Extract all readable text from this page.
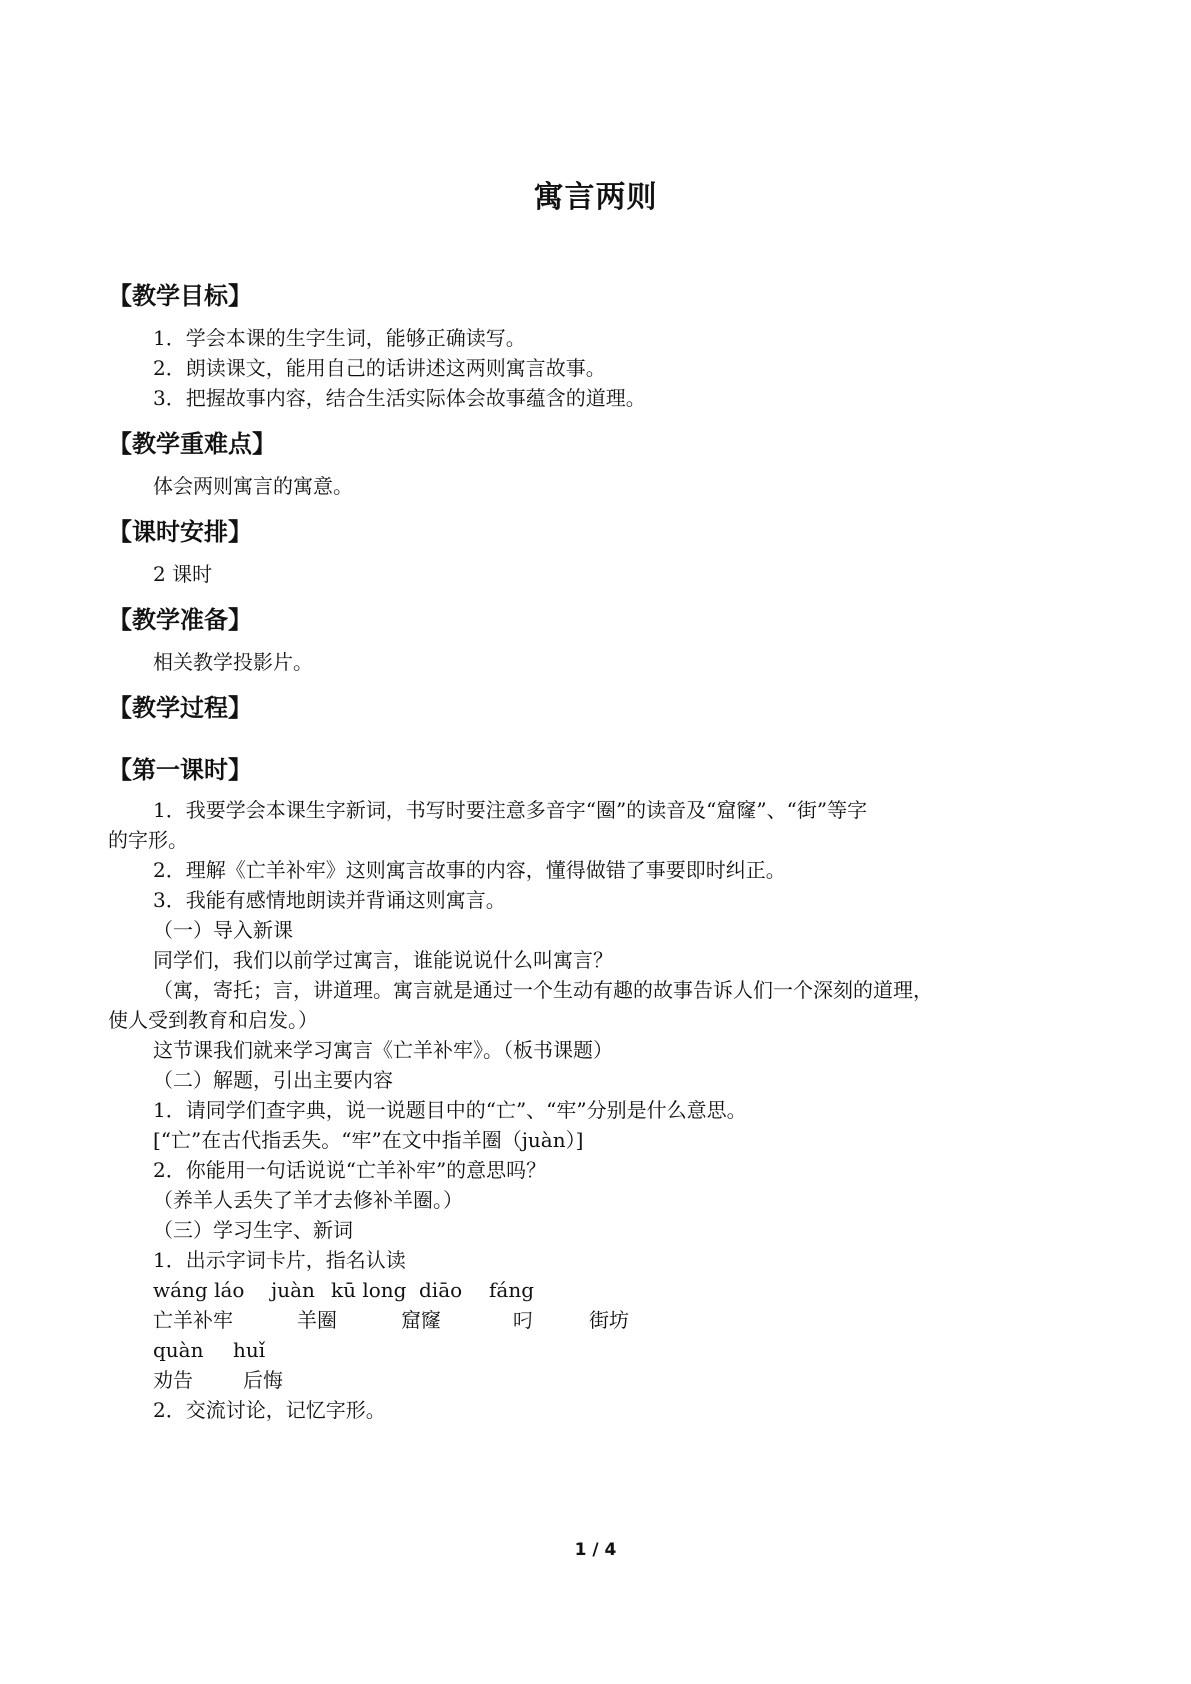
寓言两则
【教学目标】
1．学会本课的生字生词，能够正确读写。
2．朗读课文，能用自己的话讲述这两则寓言故事。
3．把握故事内容，结合生活实际体会故事蕴含的道理。
【教学重难点】
体会两则寓言的寓意。
【课时安排】
2 课时
【教学准备】
相关教学投影片。
【教学过程】
【第一课时】
1．我要学会本课生字新词，书写时要注意多音字“圈”的读音及“窟窿”、“街”等字
的字形。
2．理解《亡羊补牢》这则寓言故事的内容，懂得做错了事要即时纠正。
3．我能有感情地朗读并背诵这则寓言。
（一）导入新课
同学们，我们以前学过寓言，谁能说说什么叫寓言？
（寓，寄托；言，讲道理。寓言就是通过一个生动有趣的故事告诉人们一个深刻的道理，
使人受到教育和启发。）
这节课我们就来学习寓言《亡羊补牢》。（板书课题）
（二）解题，引出主要内容
1．请同学们查字典，说一说题目中的“亡”、“牢”分别是什么意思。
[“亡”在古代指丢失。“牢”在文中指羊圈（juàn）]
2．你能用一句话说说“亡羊补牢”的意思吗？
（养羊人丢失了羊才去修补羊圈。）
（三）学习生字、新词
1．出示字词卡片，指名认读
wáng láo juàn kū long diāo fáng
亡羊补牢	羊圈	窟窿	叼	街坊
quàn huǐ
劝告	后悔
2．交流讨论，记忆字形。
1 / 4
